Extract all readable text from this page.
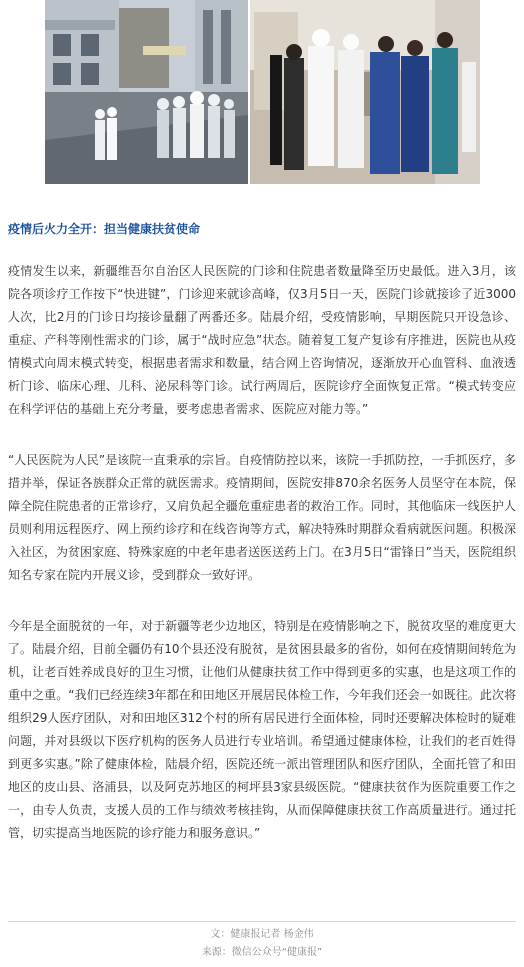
疫情后火力全开：担当健康扶贫使命

疫情发生以来，新疆维吾尔自治区人民医院的门诊和住院患者数量降至历史最低。进入3月，该院各项诊疗工作按下“快进键”，门诊迎来就诊高峰，仅3月5日一天，医院门诊就接诊了近3000人次，比2月的门诊日均接诊量翻了两番还多。陆晨介绍，受疫情影响，早期医院只开设急诊、重症、产科等刚性需求的门诊，属于“战时应急”状态。随着复工复产复诊有序推进，医院也从疫情模式向周末模式转变，根据患者需求和数量，结合网上咨询情况，逐渐放开心血管科、血液透析门诊、临床心理、儿科、泌尿科等门诊。试行两周后，医院诊疗全面恢复正常。“模式转变应在科学评估的基础上充分考量，要考虑患者需求、医院应对能力等。”

“人民医院为人民”是该院一直秉承的宗旨。自疫情防控以来，该院一手抓防控，一手抓医疗，多措并举，保证各族群众正常的就医需求。疫情期间，医院安排870余名医务人员坚守在本院，保障全院住院患者的正常诊疗，又肩负起全疆危重症患者的救治工作。同时，其他临床一线医护人员则利用远程医疗、网上预约诊疗和在线咨询等方式，解决特殊时期群众看病就医问题。积极深入社区，为贫困家庭、特殊家庭的中老年患者送医送药上门。在3月5日“雷锋日”当天，医院组织知名专家在院内开展义诊，受到群众一致好评。

今年是全面脱贫的一年，对于新疆等老少边地区，特别是在疫情影响之下，脱贫攻坚的难度更大了。陆晨介绍，目前全疆仍有10个县还没有脱贫，是贫困县最多的省份，如何在疫情期间转危为机，让老百姓养成良好的卫生习惯，让他们从健康扶贫工作中得到更多的实惠，也是这项工作的重中之重。“我们已经连续3年都在和田地区开展居民体检工作，今年我们还会一如既往。此次将组织29人医疗团队，对和田地区312个村的所有居民进行全面体检，同时还要解决体检时的疑难问题，并对县级以下医疗机构的医务人员进行专业培训。希望通过健康体检，让我们的老百姓得到更多实惠。”除了健康体检，陆晨介绍，医院还统一派出管理团队和医疗团队，全面托管了和田地区的皮山县、洛浦县，以及阿克苏地区的柯坪县3家县级医院。“健康扶贫作为医院重要工作之一，由专人负责，支援人员的工作与绩效考核挂钩，从而保障健康扶贫工作高质量进行。通过托管，切实提高当地医院的诊疗能力和服务意识。”

文：健康报记者 杨金伟
来源：微信公众号“健康报”
